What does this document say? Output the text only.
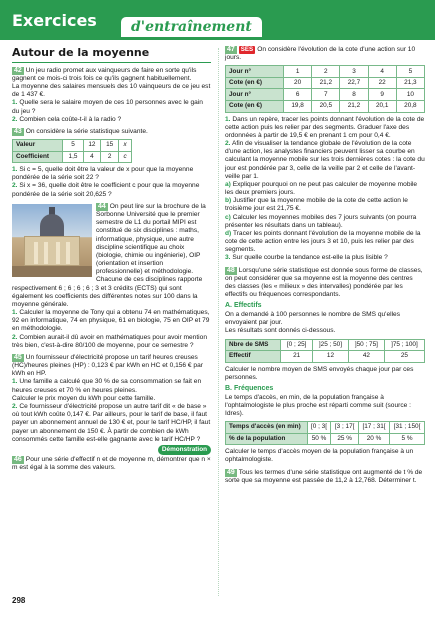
Exercices	d'entraînement
Autour de la moyenne

42 Un jeu radio promet aux vainqueurs de faire en sorte qu'ils gagnent ce mois-ci trois fois ce qu'ils gagnent habituellement.

La moyenne des salaires mensuels des 10 vainqueurs de ce jeu est de 1 437 €.

1. Quelle sera le salaire moyen de ces 10 personnes avec le gain du jeu ?

2. Combien cela coûte-t-il à la radio ?

43 On considère la série statistique suivante.

Valeur	5	12	15	x
Coefficient	1,5	4	2	c

1. Si c = 5, quelle doit être la valeur de x pour que la moyenne pondérée de la série soit 22 ?

2. Si x = 36, quelle doit être le coefficient c pour que la moyenne pondérée de la série soit 20,625 ?

44 On peut lire sur la brochure de la Sorbonne Université que le premier semestre de L1 du portail MIPI est constitué de six disciplines : maths, informatique, physique, une autre discipline scientifique au choix (biologie, chimie ou ingénierie), OIP (orientation et insertion professionnelle) et méthodologie. Chacune de ces disciplines rapporte respectivement 6 ; 6 ; 6 ; 6 ; 3 et 3 crédits (ECTS) qui sont également les coefficients des différentes notes sur 100 dans la moyenne générale.

1. Calculer la moyenne de Tony qui a obtenu 74 en mathématiques, 92 en informatique, 74 en physique, 61 en biologie, 75 en OIP et 79 en méthodologie.

2. Combien aurait-il dû avoir en mathématiques pour avoir mention très bien, c'est-à-dire 80/100 de moyenne, pour ce semestre ?

45 Un fournisseur d'électricité propose un tarif heures creuses (HC)/heures pleines (HP) : 0,123 € par kWh en HC et 0,156 € par kWh en HP.

1. Une famille a calculé que 30 % de sa consommation se fait en heures creuses et 70 % en heures pleines.

Calculer le prix moyen du kWh pour cette famille.

2. Ce fournisseur d'électricité propose un autre tarif dit « de base » où tout kWh coûte 0,147 €. Par ailleurs, pour le tarif de base, il faut payer un abonnement annuel de 130 € et, pour le tarif HC/HP, il faut payer un abonnement de 150 €. À partir de combien de kWh consommés cette famille est-elle gagnante avec le tarif HC/HP ?

Démonstration

46 Pour une série d'effectif n et de moyenne m, démontrer que n × m est égal à la somme des valeurs.

47 SES On considère l'évolution de la cote d'une action sur 10 jours.

Jour n°	1	2	3	4	5
Cote (en €)	20	21,2	22,7	22	21,3
Jour n°	6	7	8	9	10
Cote (en €)	19,8	20,5	21,2	20,1	20,8

1. Dans un repère, tracer les points donnant l'évolution de la cote de cette action puis les relier par des segments. Graduer l'axe des ordonnées à partir de 19,5 € en prenant 1 cm pour 0,4 €.

2. Afin de visualiser la tendance globale de l'évolution de la cote d'une action, les analystes financiers peuvent lisser sa courbe en calculant la moyenne mobile sur les trois dernières cotes : la cote du jour est pondérée par 3, celle de la veille par 2 et celle de l'avant-veille par 1.

a) Expliquer pourquoi on ne peut pas calculer de moyenne mobile les deux premiers jours.

b) Justifier que la moyenne mobile de la cote de cette action le troisième jour est 21,75 €.

c) Calculer les moyennes mobiles des 7 jours suivants (on pourra présenter les résultats dans un tableau).

d) Tracer les points donnant l'évolution de la moyenne mobile de la cote de cette action entre les jours 3 et 10, puis les relier par des segments.

3. Sur quelle courbe la tendance est-elle la plus lisible ?

48 Lorsqu'une série statistique est donnée sous forme de classes, on peut considérer que sa moyenne est la moyenne des centres des classes (les « milieux » des intervalles) pondérée par les effectifs ou fréquences correspondants.

A. Effectifs

On a demandé à 100 personnes le nombre de SMS qu'elles envoyaient par jour.

Les résultats sont donnés ci-dessous.

Nbre de SMS	[0 ; 25]	]25 ; 50]	]50 ; 75]	]75 ; 100]
Effectif	21	12	42	25

Calculer le nombre moyen de SMS envoyés chaque jour par ces personnes.

B. Fréquences

Le temps d'accès, en min, de la population française à l'ophtalmologiste le plus proche est réparti comme suit (source : Idres).

Temps d'accès (en min)	[0 ; 3[	[3 ; 17[	[17 ; 31[	[31 ; 150[
% de la population	50 %	25 %	20 %	5 %

Calculer le temps d'accès moyen de la population française à un ophtalmologiste.

49 Tous les termes d'une série statistique ont augmenté de t % de sorte que sa moyenne est passée de 11,2 à 12,768. Déterminer t.

298
